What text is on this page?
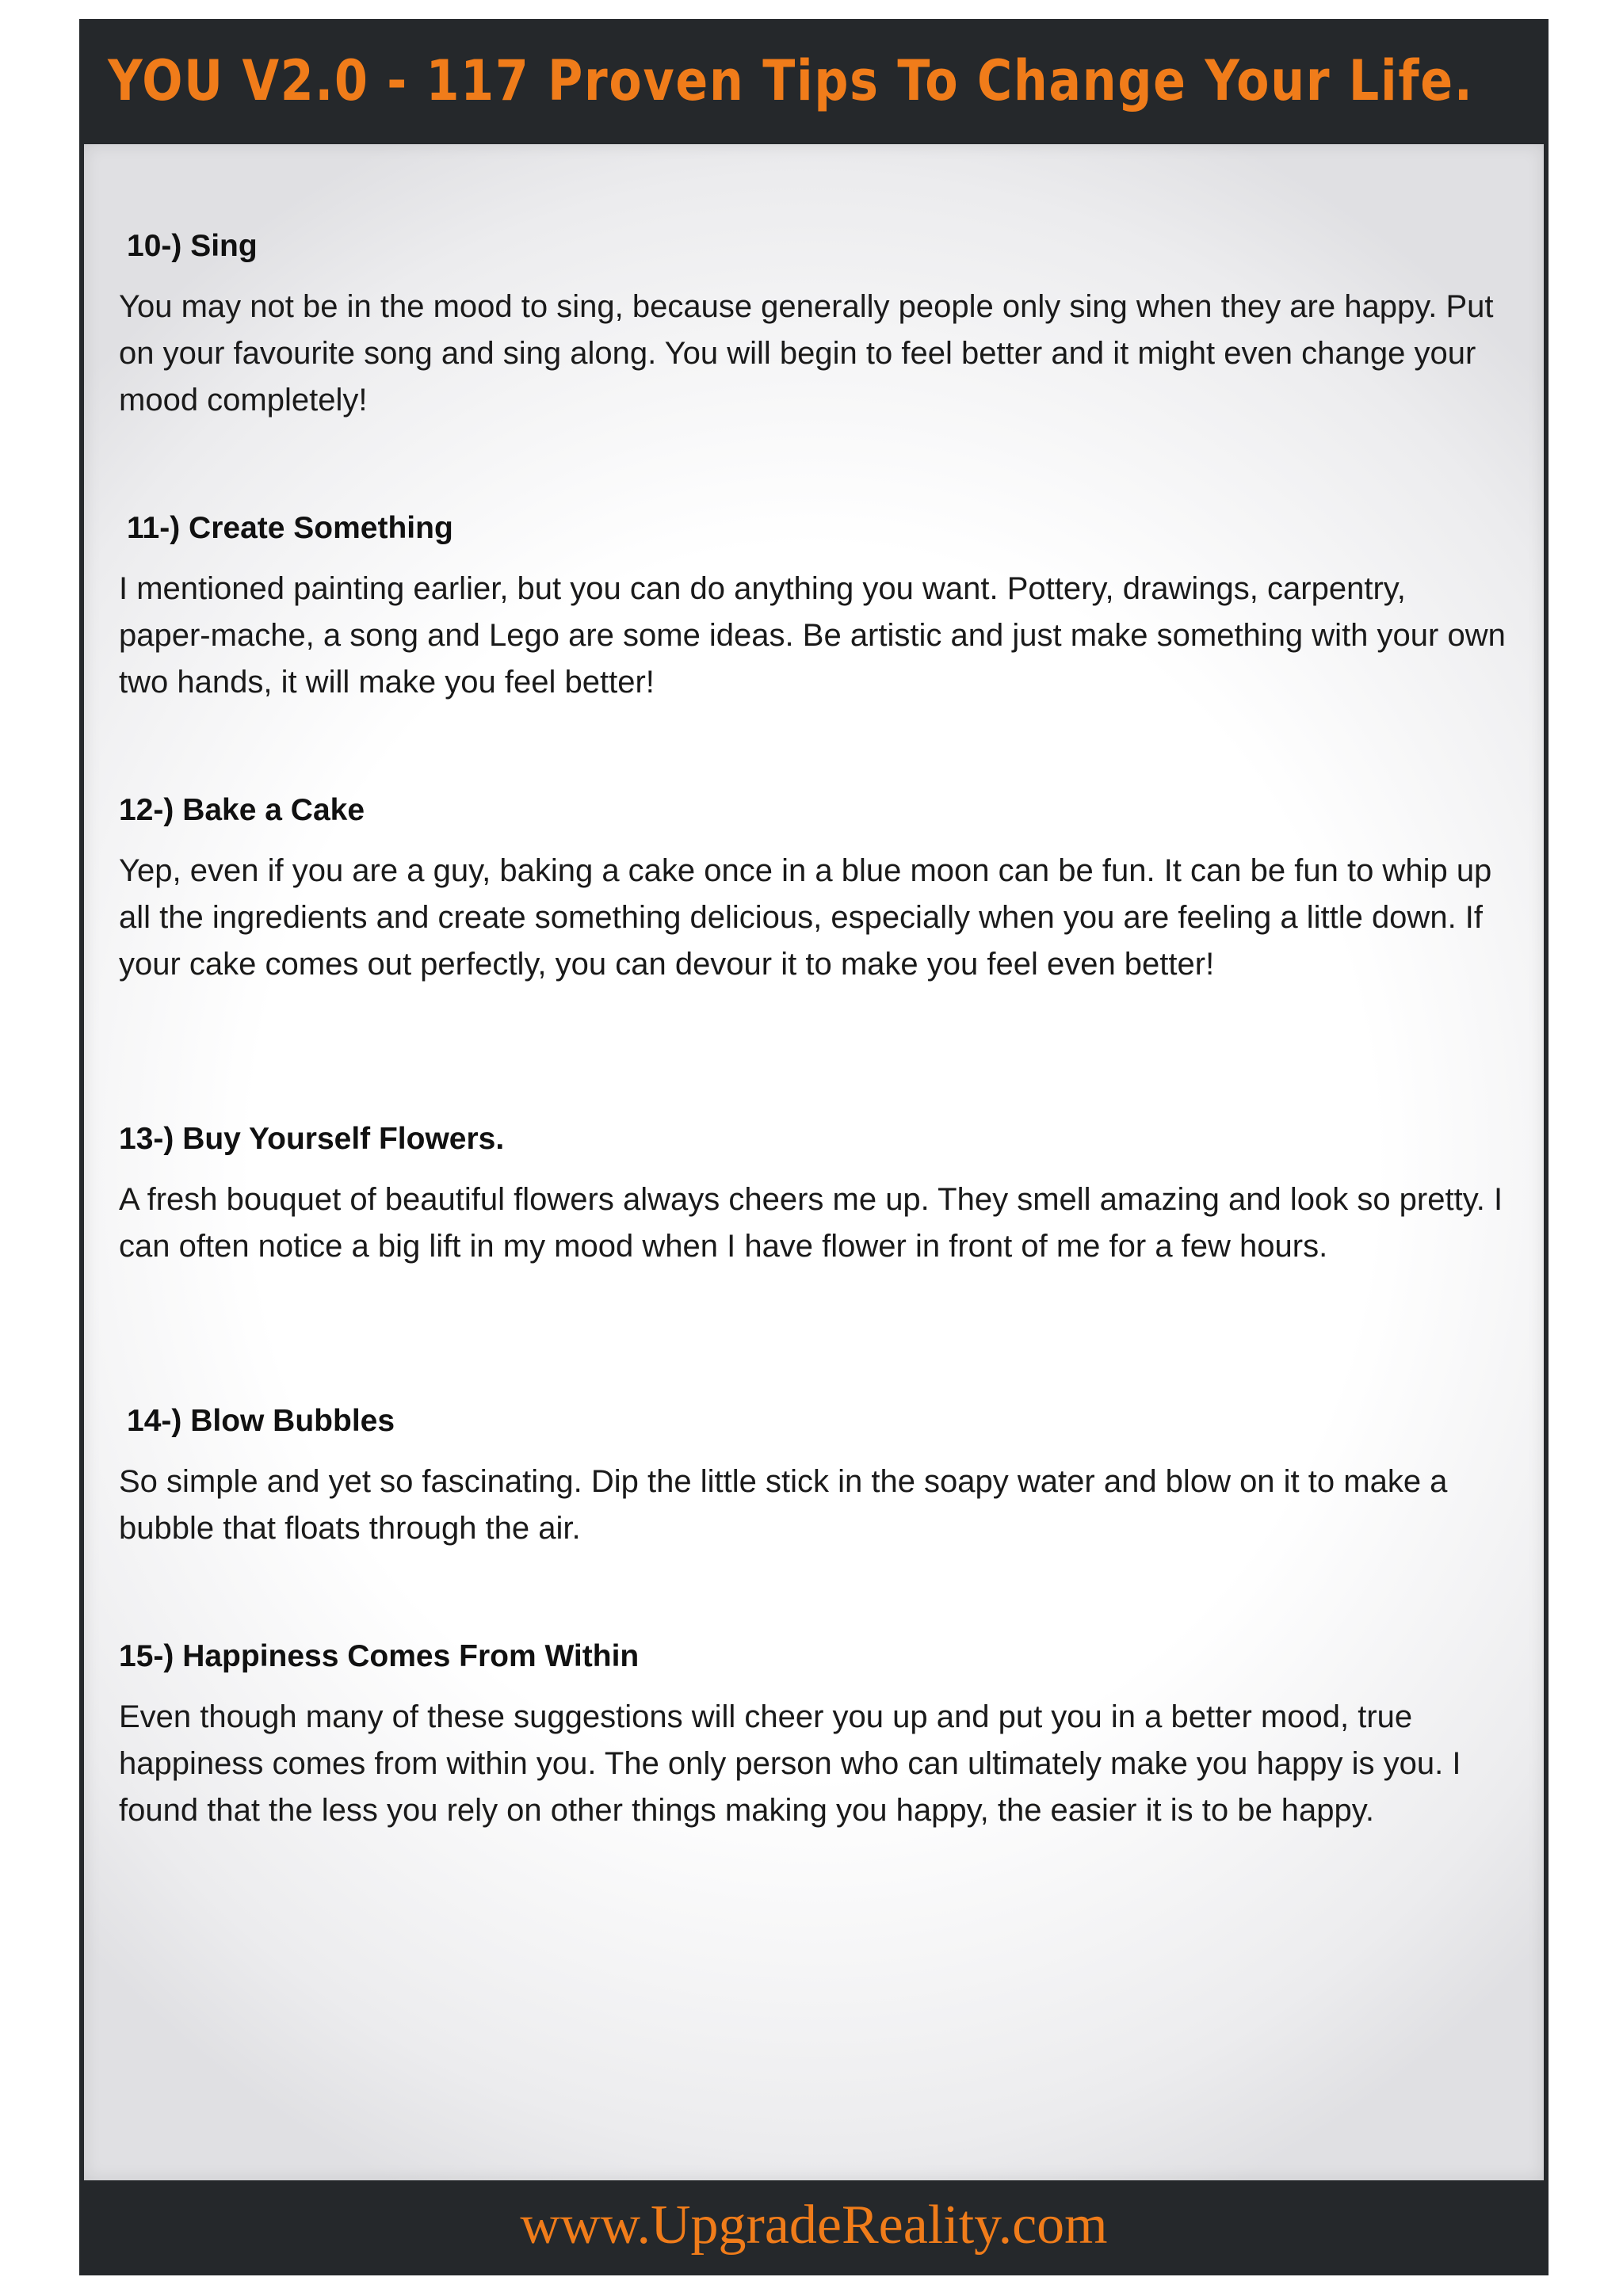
YOU V2.0 - 117 Proven Tips To Change Your Life.
10-) Sing

You may not be in the mood to sing, because generally people only sing when they are happy. Put on your favourite song and sing along. You will begin to feel better and it might even change your mood completely!

11-) Create Something

I mentioned painting earlier, but you can do anything you want. Pottery, drawings, carpentry, paper-mache, a song and Lego are some ideas. Be artistic and just make something with your own two hands, it will make you feel better!

12-) Bake a Cake

Yep, even if you are a guy, baking a cake once in a blue moon can be fun. It can be fun to whip up all the ingredients and create something delicious, especially when you are feeling a little down. If your cake comes out perfectly, you can devour it to make you feel even better!

13-) Buy Yourself Flowers.

A fresh bouquet of beautiful flowers always cheers me up. They smell amazing and look so pretty. I can often notice a big lift in my mood when I have flower in front of me for a few hours.

14-) Blow Bubbles

So simple and yet so fascinating. Dip the little stick in the soapy water and blow on it to make a bubble that floats through the air.

15-) Happiness Comes From Within

Even though many of these suggestions will cheer you up and put you in a better mood, true happiness comes from within you. The only person who can ultimately make you happy is you. I found that the less you rely on other things making you happy, the easier it is to be happy.

www.UpgradeReality.com
